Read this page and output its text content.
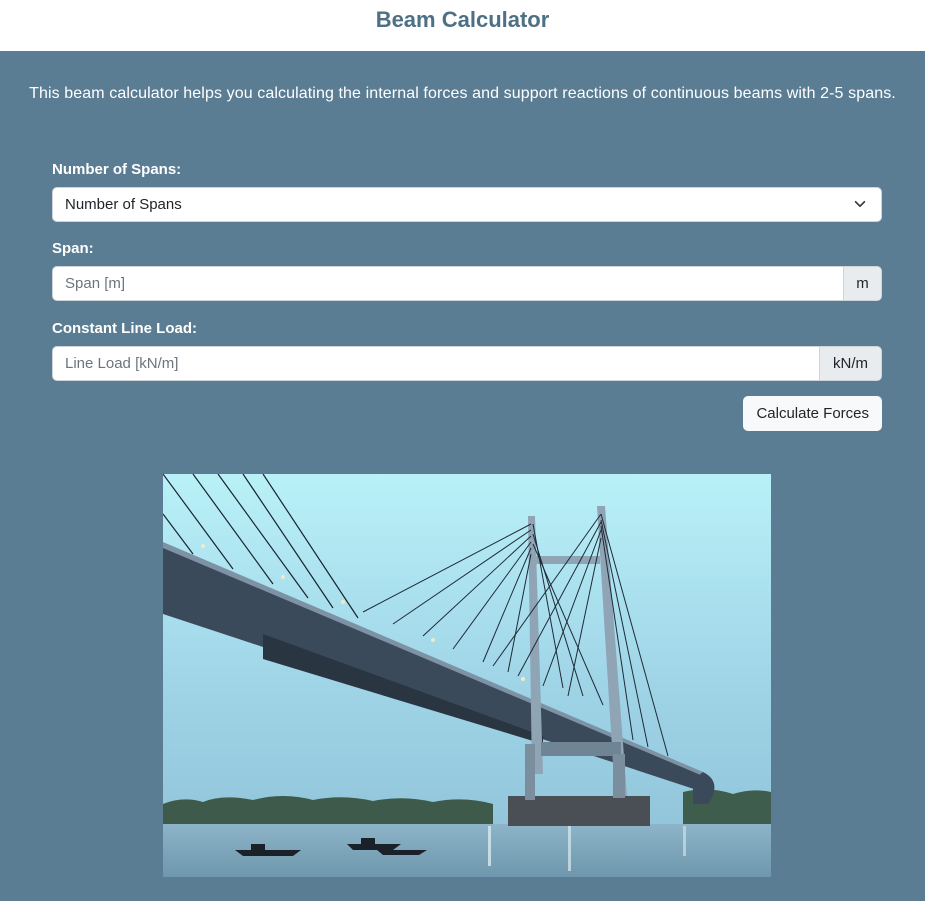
Beam Calculator

This beam calculator helps you calculating the internal forces and support reactions of continuous beams with 2-5 spans.

Number of Spans:
Number of Spans
Span:
Span [m]
m
Constant Line Load:
Line Load [kN/m]
kN/m
Calculate Forces
